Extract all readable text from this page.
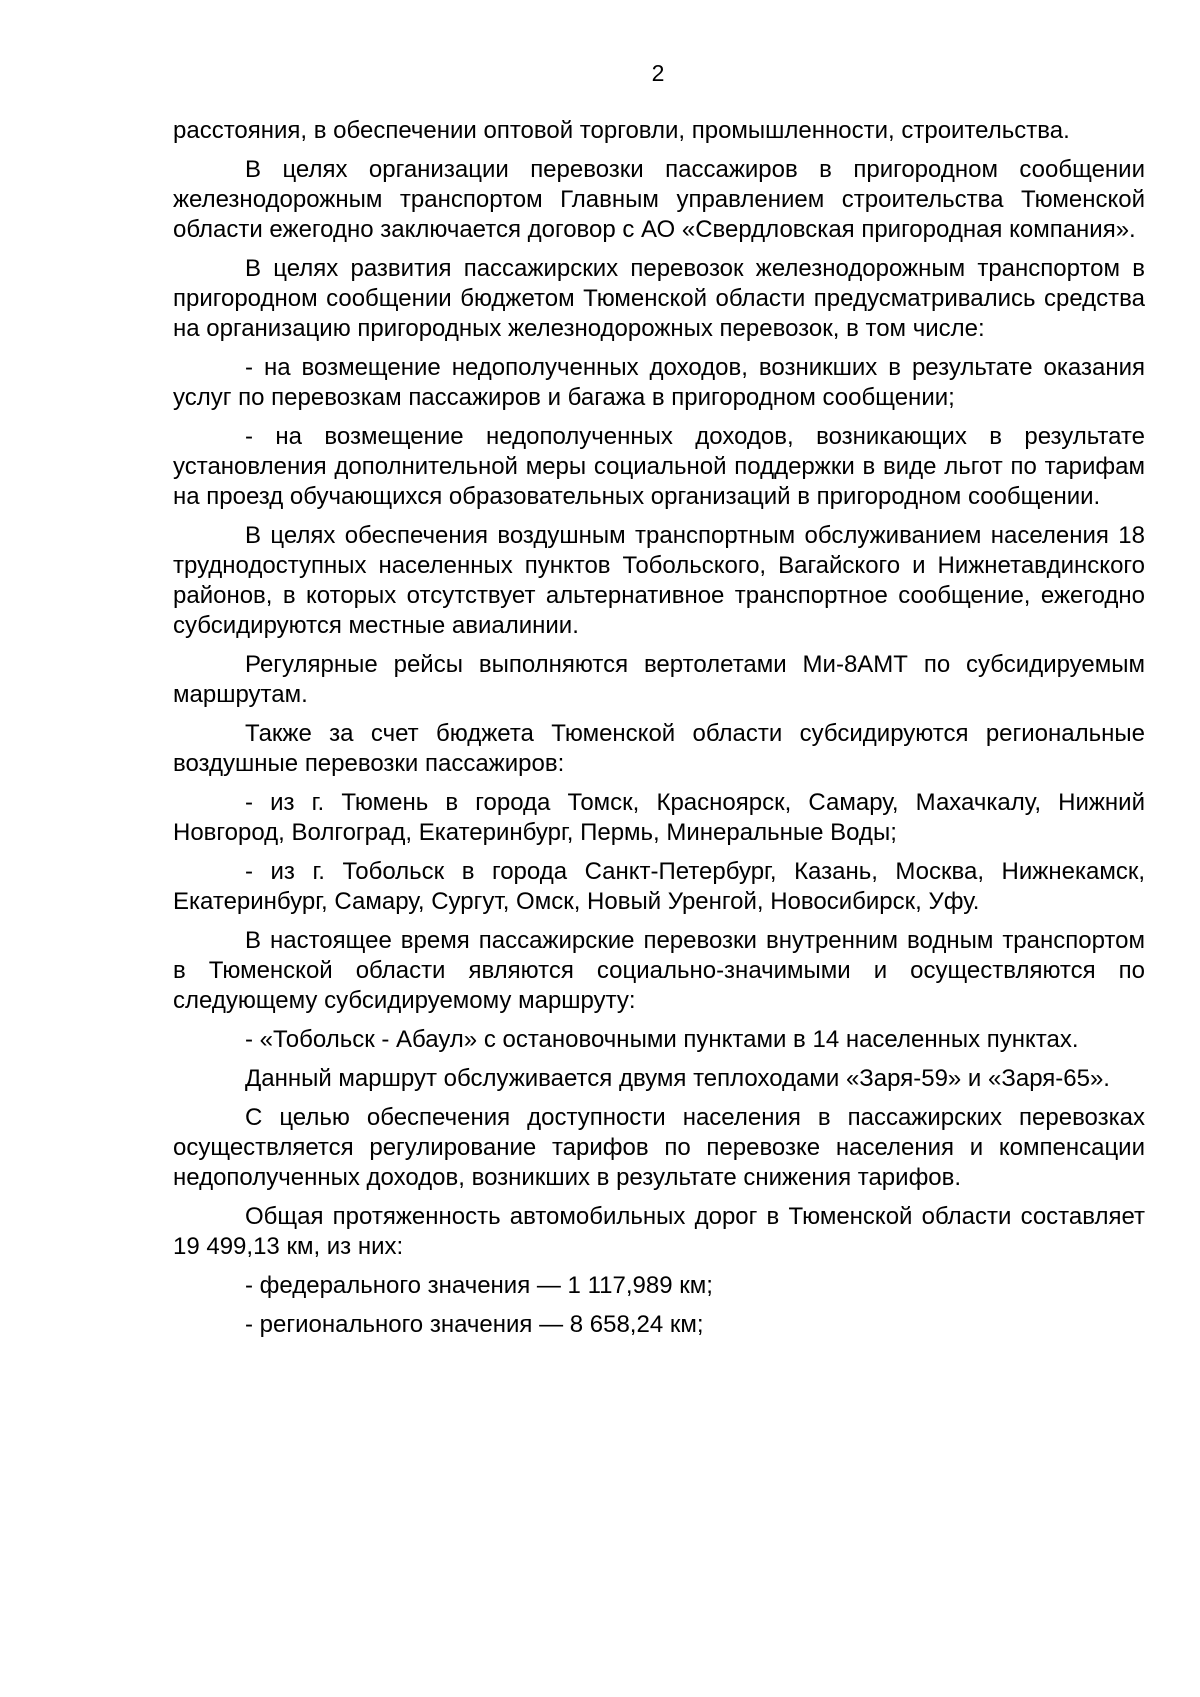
2

расстояния, в обеспечении оптовой торговли, промышленности, строительства.

В целях организации перевозки пассажиров в пригородном сообщении железнодорожным транспортом Главным управлением строительства Тюменской области ежегодно заключается договор с АО «Свердловская пригородная компания».

В целях развития пассажирских перевозок железнодорожным транспортом в пригородном сообщении бюджетом Тюменской области предусматривались средства на организацию пригородных железнодорожных перевозок, в том числе:

- на возмещение недополученных доходов, возникших в результате оказания услуг по перевозкам пассажиров и багажа в пригородном сообщении;

- на возмещение недополученных доходов, возникающих в результате установления дополнительной меры социальной поддержки в виде льгот по тарифам на проезд обучающихся образовательных организаций в пригородном сообщении.

В целях обеспечения воздушным транспортным обслуживанием населения 18 труднодоступных населенных пунктов Тобольского, Вагайского и Нижнетавдинского районов, в которых отсутствует альтернативное транспортное сообщение, ежегодно субсидируются местные авиалинии.

Регулярные рейсы выполняются вертолетами Ми-8АМТ по субсидируемым маршрутам.

Также за счет бюджета Тюменской области субсидируются региональные воздушные перевозки пассажиров:

- из г. Тюмень в города Томск, Красноярск, Самару, Махачкалу, Нижний Новгород, Волгоград, Екатеринбург, Пермь, Минеральные Воды;

- из г. Тобольск в города Санкт-Петербург, Казань, Москва, Нижнекамск, Екатеринбург, Самару, Сургут, Омск, Новый Уренгой, Новосибирск, Уфу.

В настоящее время пассажирские перевозки внутренним водным транспортом в Тюменской области являются социально-значимыми и осуществляются по следующему субсидируемому маршруту:

- «Тобольск - Абаул» с остановочными пунктами в 14 населенных пунктах.

Данный маршрут обслуживается двумя теплоходами «Заря-59» и «Заря-65».

С целью обеспечения доступности населения в пассажирских перевозках осуществляется регулирование тарифов по перевозке населения и компенсации недополученных доходов, возникших в результате снижения тарифов.

Общая протяженность автомобильных дорог в Тюменской области составляет 19 499,13 км, из них:

- федерального значения — 1 117,989 км;

- регионального значения — 8 658,24 км;
